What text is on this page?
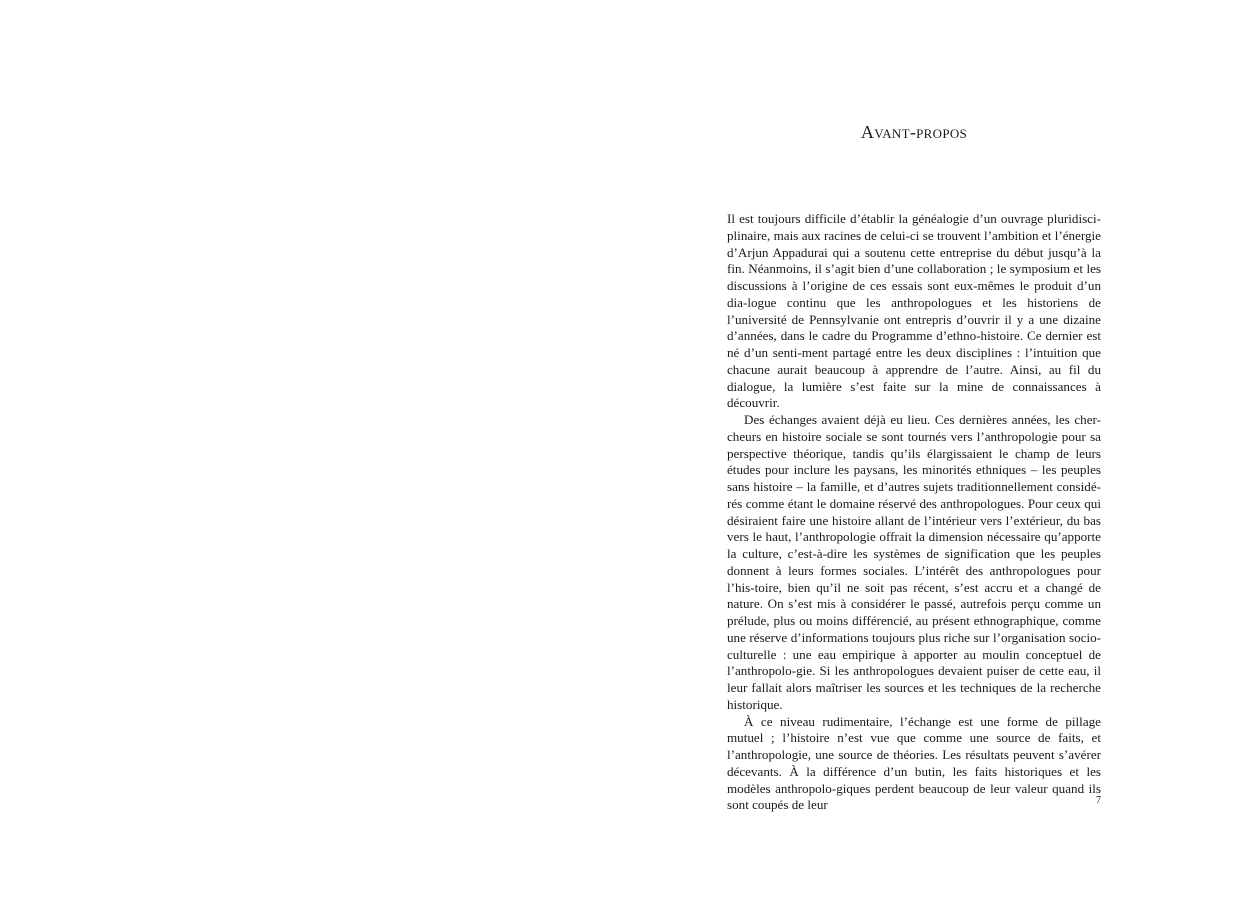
Avant-propos

Il est toujours difficile d’établir la généalogie d’un ouvrage pluridisci-plinaire, mais aux racines de celui-ci se trouvent l’ambition et l’énergie d’Arjun Appadurai qui a soutenu cette entreprise du début jusqu’à la fin. Néanmoins, il s’agit bien d’une collaboration ; le symposium et les discussions à l’origine de ces essais sont eux-mêmes le produit d’un dia-logue continu que les anthropologues et les historiens de l’université de Pennsylvanie ont entrepris d’ouvrir il y a une dizaine d’années, dans le cadre du Programme d’ethno-histoire. Ce dernier est né d’un senti-ment partagé entre les deux disciplines : l’intuition que chacune aurait beaucoup à apprendre de l’autre. Ainsi, au fil du dialogue, la lumière s’est faite sur la mine de connaissances à découvrir.

Des échanges avaient déjà eu lieu. Ces dernières années, les cher-cheurs en histoire sociale se sont tournés vers l’anthropologie pour sa perspective théorique, tandis qu’ils élargissaient le champ de leurs études pour inclure les paysans, les minorités ethniques – les peuples sans histoire – la famille, et d’autres sujets traditionnellement considé-rés comme étant le domaine réservé des anthropologues. Pour ceux qui désiraient faire une histoire allant de l’intérieur vers l’extérieur, du bas vers le haut, l’anthropologie offrait la dimension nécessaire qu’apporte la culture, c’est-à-dire les systèmes de signification que les peuples donnent à leurs formes sociales. L’intérêt des anthropologues pour l’his-toire, bien qu’il ne soit pas récent, s’est accru et a changé de nature. On s’est mis à considérer le passé, autrefois perçu comme un prélude, plus ou moins différencié, au présent ethnographique, comme une réserve d’informations toujours plus riche sur l’organisation socio-culturelle : une eau empirique à apporter au moulin conceptuel de l’anthropolo-gie. Si les anthropologues devaient puiser de cette eau, il leur fallait alors maîtriser les sources et les techniques de la recherche historique.

À ce niveau rudimentaire, l’échange est une forme de pillage mutuel ; l’histoire n’est vue que comme une source de faits, et l’anthropologie, une source de théories. Les résultats peuvent s’avérer décevants. À la différence d’un butin, les faits historiques et les modèles anthropolo-giques perdent beaucoup de leur valeur quand ils sont coupés de leur	7
